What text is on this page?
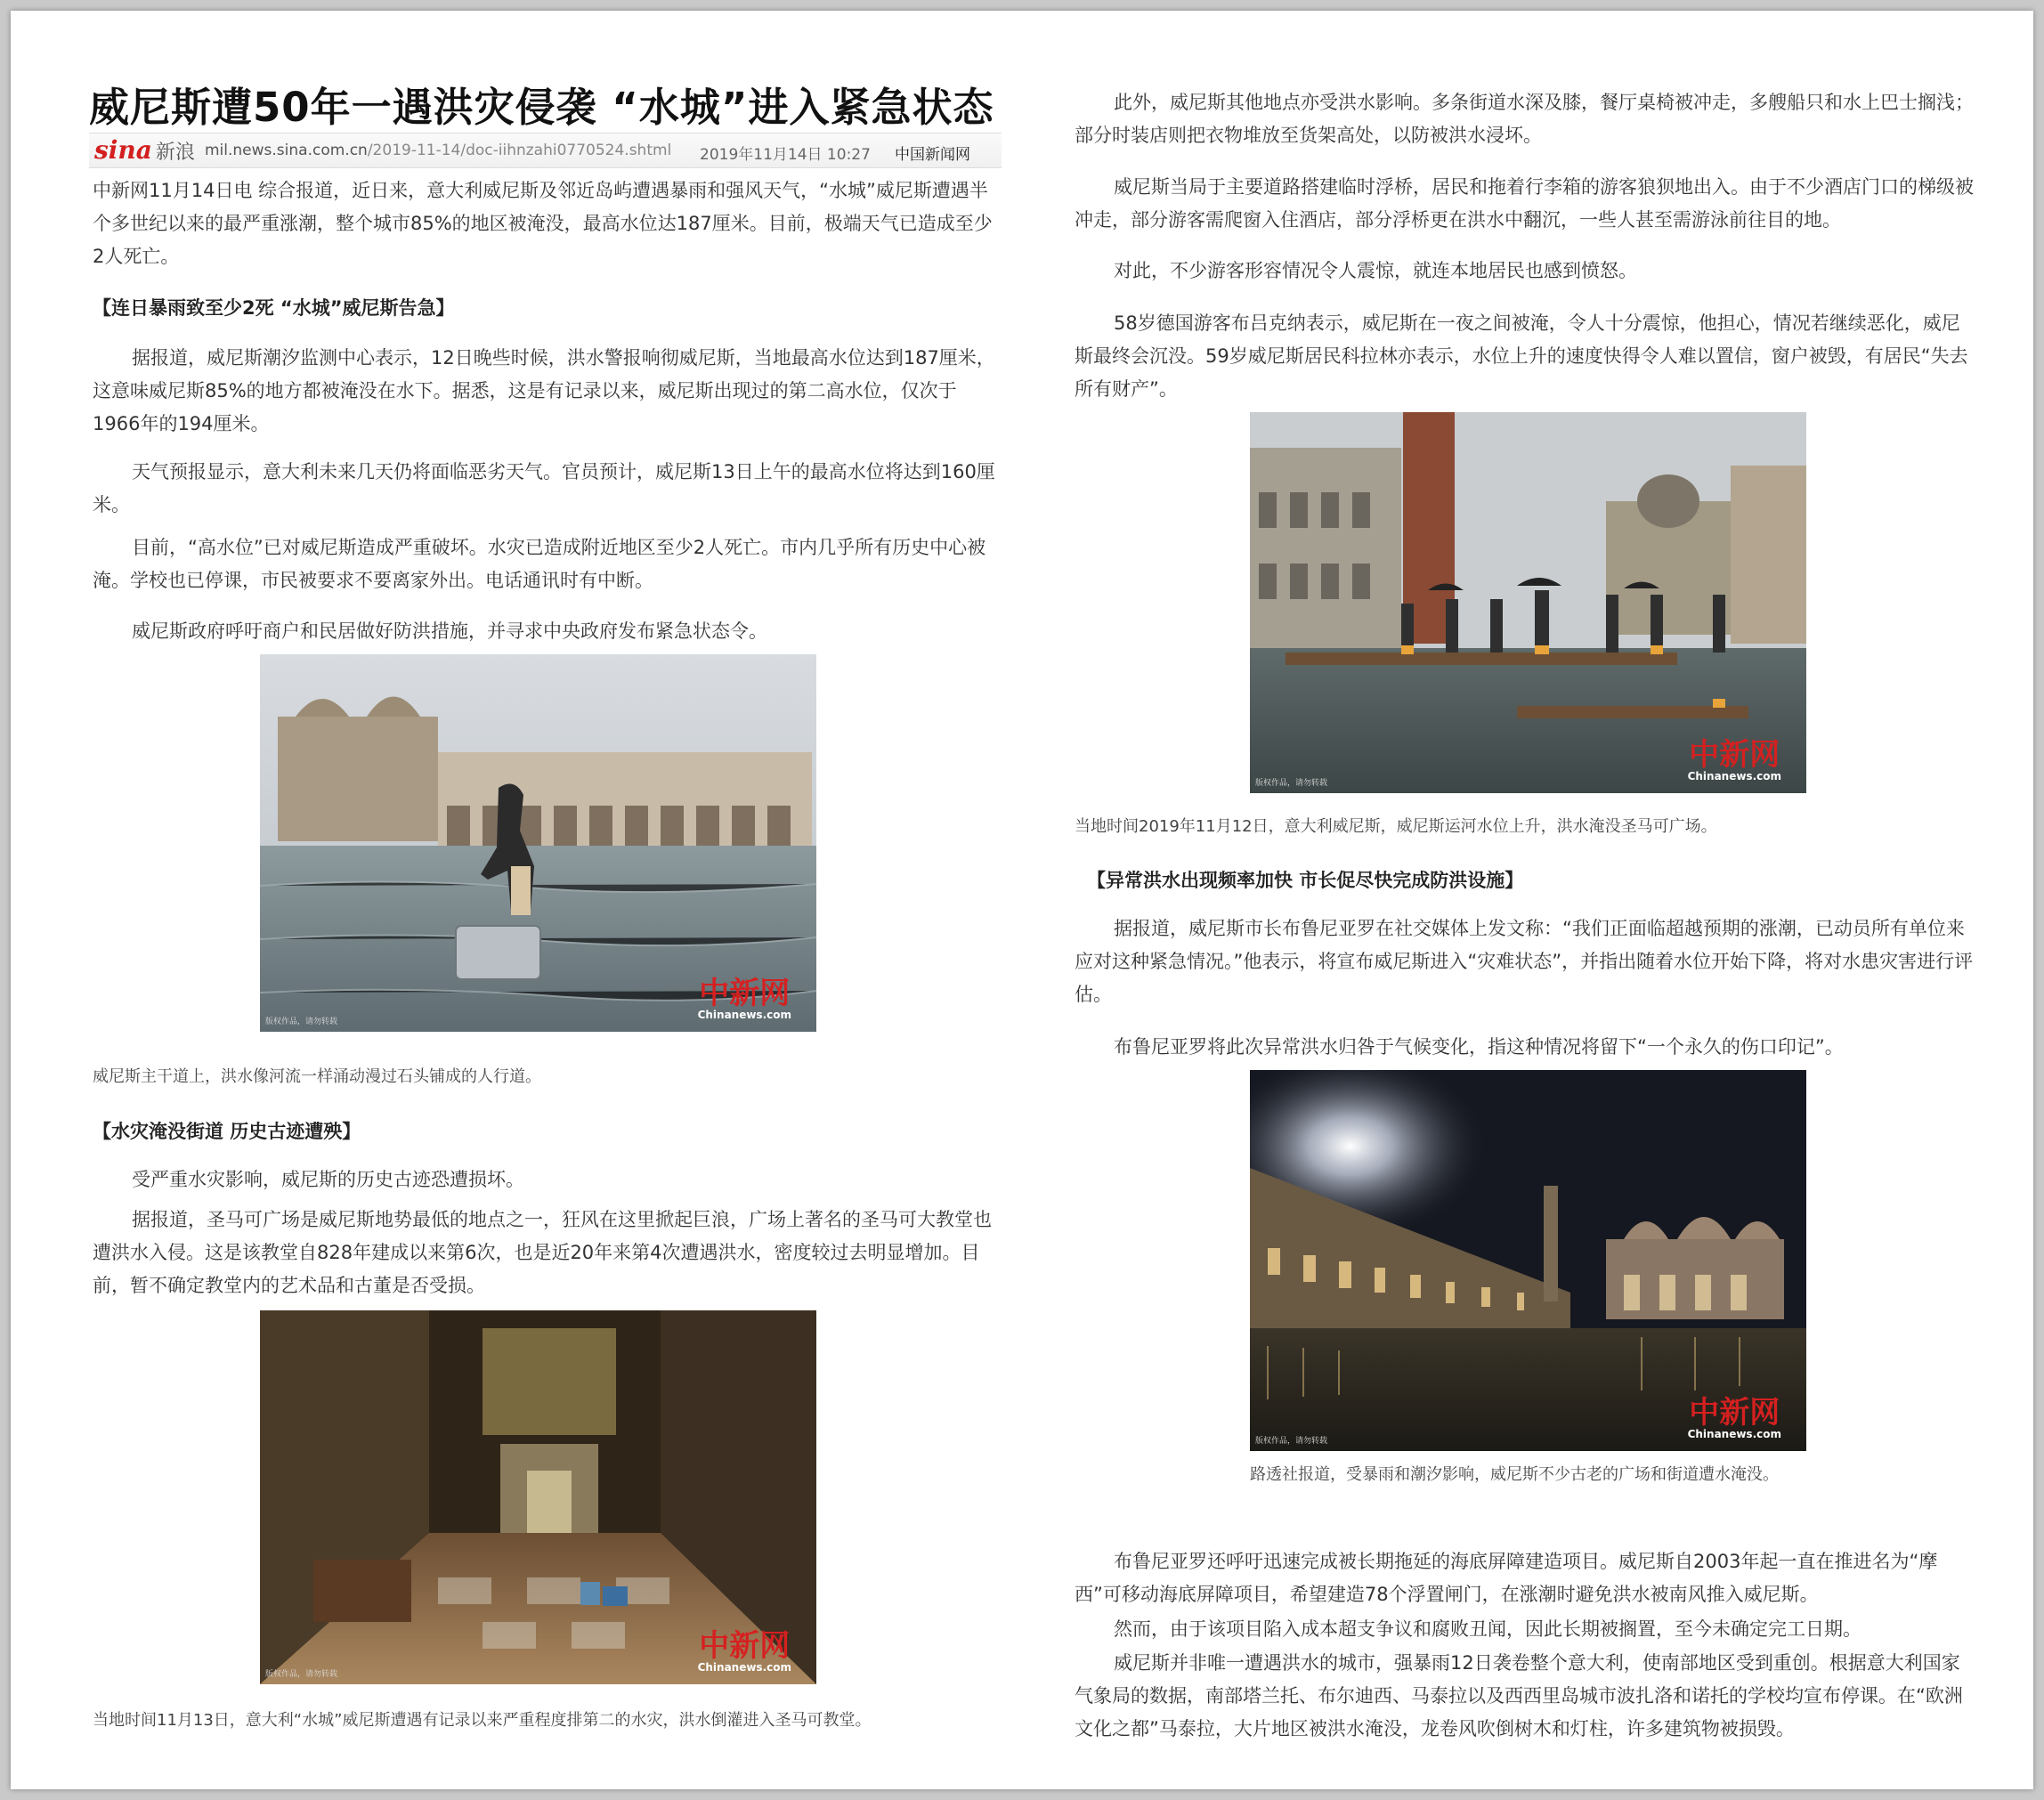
威尼斯遭50年一遇洪灾侵袭 “水城”进入紧急状态
sina 新浪 mil.news.sina.com.cn/2019-11-14/doc-iihnzahi0770524.shtml 2019年11月14日 10:27 中国新闻网
中新网11月14日电 综合报道，近日来，意大利威尼斯及邻近岛屿遭遇暴雨和强风天气，“水城”威尼斯遭遇半个多世纪以来的最严重涨潮，整个城市85%的地区被淹没，最高水位达187厘米。目前，极端天气已造成至少2人死亡。
【连日暴雨致至少2死 “水城”威尼斯告急】
据报道，威尼斯潮汐监测中心表示，12日晚些时候，洪水警报响彻威尼斯，当地最高水位达到187厘米，这意味威尼斯85%的地方都被淹没在水下。据悉，这是有记录以来，威尼斯出现过的第二高水位，仅次于1966年的194厘米。
天气预报显示，意大利未来几天仍将面临恶劣天气。官员预计，威尼斯13日上午的最高水位将达到160厘米。
目前，“高水位”已对威尼斯造成严重破坏。水灾已造成附近地区至少2人死亡。市内几乎所有历史中心被淹。学校也已停课，市民被要求不要离家外出。电话通讯时有中断。
威尼斯政府呼吁商户和民居做好防洪措施，并寻求中央政府发布紧急状态令。
版权作品，请勿转载
中新网
Chinanews.com
威尼斯主干道上，洪水像河流一样涌动漫过石头铺成的人行道。
【水灾淹没街道 历史古迹遭殃】
受严重水灾影响，威尼斯的历史古迹恐遭损坏。
据报道，圣马可广场是威尼斯地势最低的地点之一，狂风在这里掀起巨浪，广场上著名的圣马可大教堂也遭洪水入侵。这是该教堂自828年建成以来第6次，也是近20年来第4次遭遇洪水，密度较过去明显增加。目前，暂不确定教堂内的艺术品和古董是否受损。
版权作品，请勿转载
中新网
Chinanews.com
当地时间11月13日，意大利“水城”威尼斯遭遇有记录以来严重程度排第二的水灾，洪水倒灌进入圣马可教堂。
此外，威尼斯其他地点亦受洪水影响。多条街道水深及膝，餐厅桌椅被冲走，多艘船只和水上巴士搁浅；部分时装店则把衣物堆放至货架高处，以防被洪水浸坏。
威尼斯当局于主要道路搭建临时浮桥，居民和拖着行李箱的游客狼狈地出入。由于不少酒店门口的梯级被冲走，部分游客需爬窗入住酒店，部分浮桥更在洪水中翻沉，一些人甚至需游泳前往目的地。
对此，不少游客形容情况令人震惊，就连本地居民也感到愤怒。
58岁德国游客布吕克纳表示，威尼斯在一夜之间被淹，令人十分震惊，他担心，情况若继续恶化，威尼斯最终会沉没。59岁威尼斯居民科拉林亦表示，水位上升的速度快得令人难以置信，窗户被毁，有居民“失去所有财产”。
版权作品，请勿转载
中新网
Chinanews.com
当地时间2019年11月12日，意大利威尼斯，威尼斯运河水位上升，洪水淹没圣马可广场。
【异常洪水出现频率加快 市长促尽快完成防洪设施】
据报道，威尼斯市长布鲁尼亚罗在社交媒体上发文称：“我们正面临超越预期的涨潮，已动员所有单位来应对这种紧急情况。”他表示，将宣布威尼斯进入“灾难状态”，并指出随着水位开始下降，将对水患灾害进行评估。
布鲁尼亚罗将此次异常洪水归咎于气候变化，指这种情况将留下“一个永久的伤口印记”。
版权作品，请勿转载
中新网
Chinanews.com
路透社报道，受暴雨和潮汐影响，威尼斯不少古老的广场和街道遭水淹没。
布鲁尼亚罗还呼吁迅速完成被长期拖延的海底屏障建造项目。威尼斯自2003年起一直在推进名为“摩西”可移动海底屏障项目，希望建造78个浮置闸门，在涨潮时避免洪水被南风推入威尼斯。
然而，由于该项目陷入成本超支争议和腐败丑闻，因此长期被搁置，至今未确定完工日期。
威尼斯并非唯一遭遇洪水的城市，强暴雨12日袭卷整个意大利，使南部地区受到重创。根据意大利国家气象局的数据，南部塔兰托、布尔迪西、马泰拉以及西西里岛城市波扎洛和诺托的学校均宣布停课。在“欧洲文化之都”马泰拉，大片地区被洪水淹没，龙卷风吹倒树木和灯柱，许多建筑物被损毁。
